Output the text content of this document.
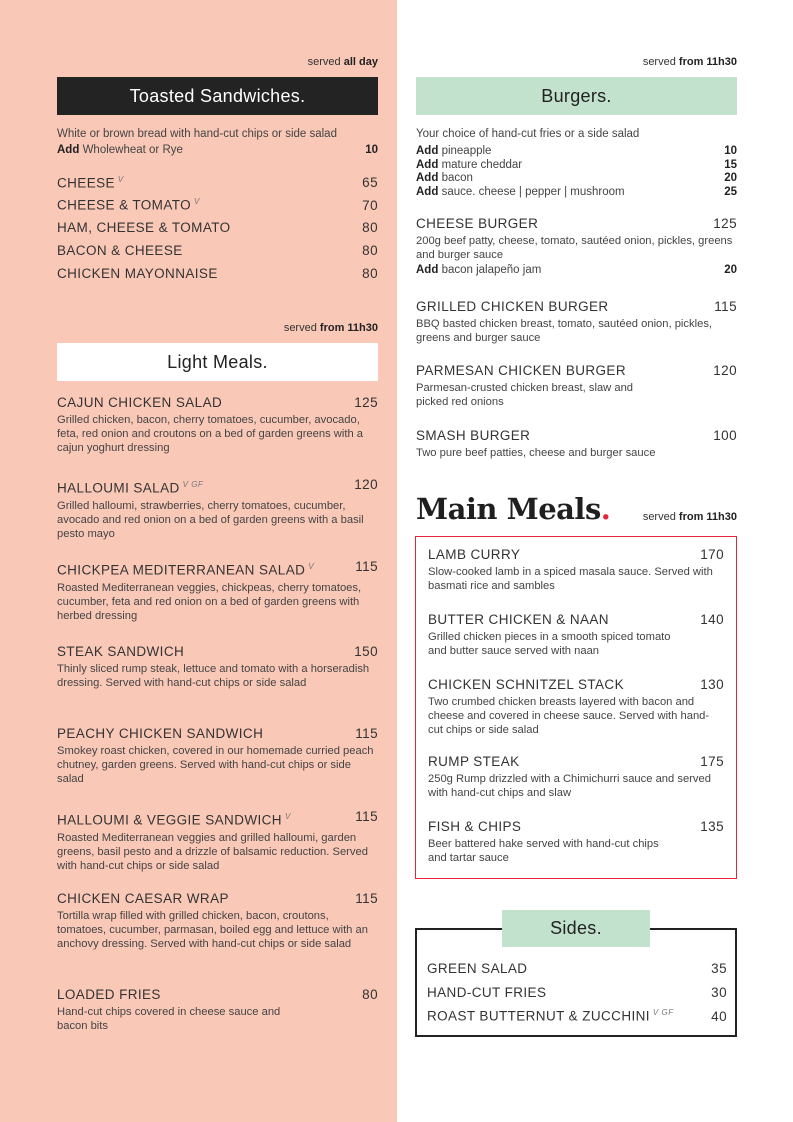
served all day
Toasted Sandwiches.
White or brown bread with hand-cut chips or side salad
Add Wholewheat or Rye	10
CHEESE $^V$	65
CHEESE & TOMATO $^V$	70
HAM, CHEESE & TOMATO	80
BACON & CHEESE	80
CHICKEN MAYONNAISE	80
served from 11h30
Light Meals.
CAJUN CHICKEN SALAD	125
Grilled chicken, bacon, cherry tomatoes, cucumber, avocado, feta, red onion and croutons on a bed of garden greens with a cajun yoghurt dressing
HALLOUMI SALAD $^{V GF}$	120
Grilled halloumi, strawberries, cherry tomatoes, cucumber, avocado and red onion on a bed of garden greens with a basil pesto mayo
CHICKPEA MEDITERRANEAN SALAD $^V$	115
Roasted Mediterranean veggies, chickpeas, cherry tomatoes, cucumber, feta and red onion on a bed of garden greens with herbed dressing
STEAK SANDWICH	150
Thinly sliced rump steak, lettuce and tomato with a horseradish dressing. Served with hand-cut chips or side salad
PEACHY CHICKEN SANDWICH	115
Smokey roast chicken, covered in our homemade curried peach chutney, garden greens. Served with hand-cut chips or side salad
HALLOUMI & VEGGIE SANDWICH $^V$	115
Roasted Mediterranean veggies and grilled halloumi, garden greens, basil pesto and a drizzle of balsamic reduction. Served with hand-cut chips or side salad
CHICKEN CAESAR WRAP	115
Tortilla wrap filled with grilled chicken, bacon, croutons, tomatoes, cucumber, parmasan, boiled egg and lettuce with an anchovy dressing. Served with hand-cut chips or side salad
LOADED FRIES	80
Hand-cut chips covered in cheese sauce and bacon bits
served from 11h30
Burgers.
Your choice of hand-cut fries or a side salad
Add pineapple	10
Add mature cheddar	15
Add bacon	20
Add sauce. cheese | pepper | mushroom	25
CHEESE BURGER	125
200g beef patty, cheese, tomato, sautéed onion, pickles, greens and burger sauce
Add bacon jalapeño jam	20
GRILLED CHICKEN BURGER	115
BBQ basted chicken breast, tomato, sautéed onion, pickles, greens and burger sauce
PARMESAN CHICKEN BURGER	120
Parmesan-crusted chicken breast, slaw and picked red onions
SMASH BURGER	100
Two pure beef patties, cheese and burger sauce
served from 11h30
Main Meals.
LAMB CURRY	170
Slow-cooked lamb in a spiced masala sauce. Served with basmati rice and sambles
BUTTER CHICKEN & NAAN	140
Grilled chicken pieces in a smooth spiced tomato and butter sauce served with naan
CHICKEN SCHNITZEL STACK	130
Two crumbed chicken breasts layered with bacon and cheese and covered in cheese sauce. Served with hand-cut chips or side salad
RUMP STEAK	175
250g Rump drizzled with a Chimichurri sauce and served with hand-cut chips and slaw
FISH & CHIPS	135
Beer battered hake served with hand-cut chips and tartar sauce
GREEN SALAD	35
HAND-CUT FRIES	30
ROAST BUTTERNUT & ZUCCHINI $^{V GF}$	40
Sides.
